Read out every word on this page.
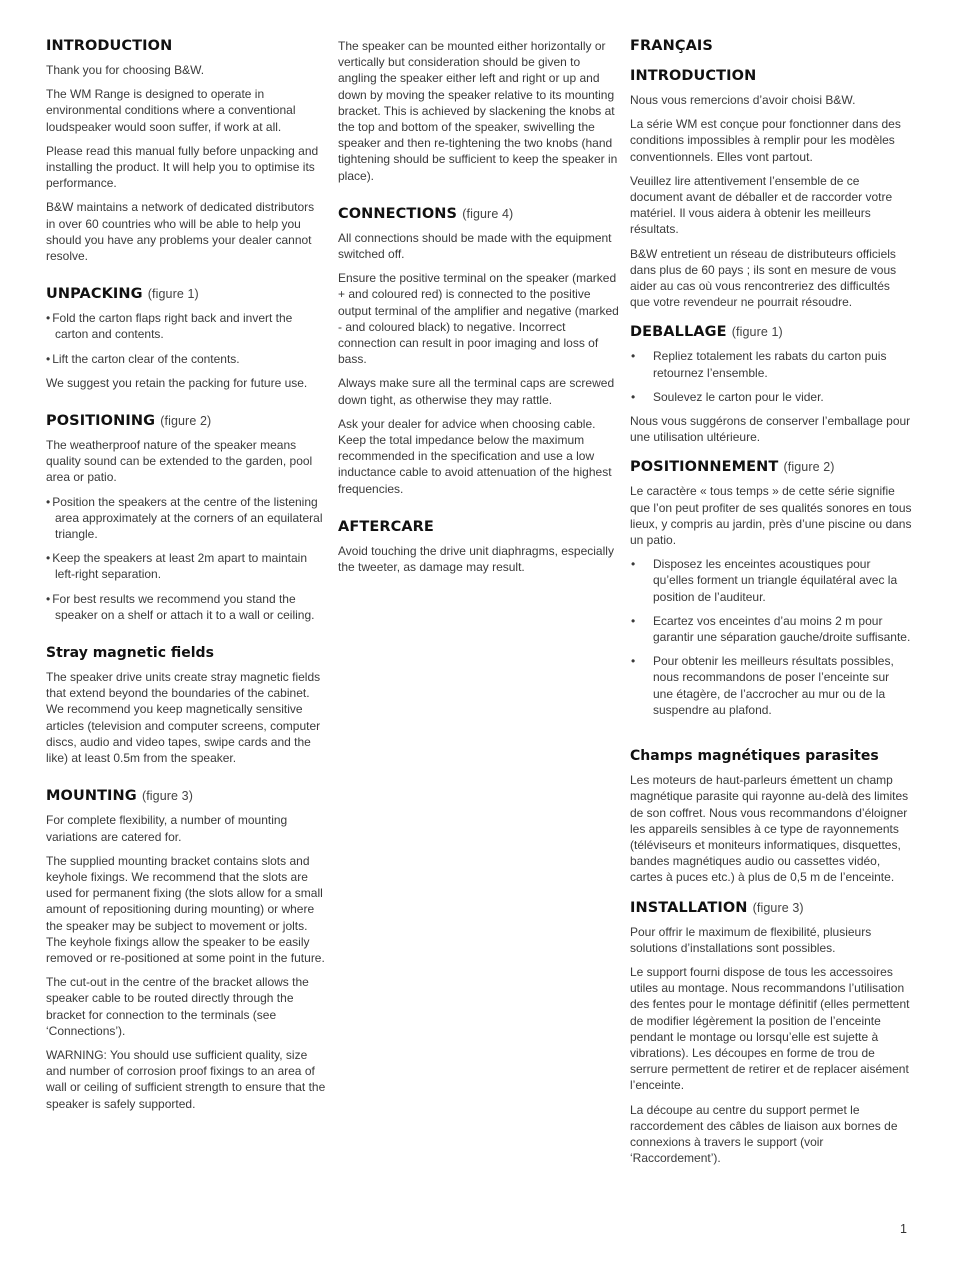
INTRODUCTION

Thank you for choosing B&W.

The WM Range is designed to operate in environmental conditions where a conventional loudspeaker would soon suffer, if work at all.

Please read this manual fully before unpacking and installing the product. It will help you to optimise its performance.

B&W maintains a network of dedicated distributors in over 60 countries who will be able to help you should you have any problems your dealer cannot resolve.

UNPACKING (figure 1)
• Fold the carton flaps right back and invert the carton and contents.
• Lift the carton clear of the contents.

We suggest you retain the packing for future use.

POSITIONING (figure 2)

The weatherproof nature of the speaker means quality sound can be extended to the garden, pool area or patio.

• Position the speakers at the centre of the listening area approximately at the corners of an equilateral triangle.
• Keep the speakers at least 2m apart to maintain left-right separation.
• For best results we recommend you stand the speaker on a shelf or attach it to a wall or ceiling.
Stray magnetic fields

The speaker drive units create stray magnetic fields that extend beyond the boundaries of the cabinet. We recommend you keep magnetically sensitive articles (television and computer screens, computer discs, audio and video tapes, swipe cards and the like) at least 0.5m from the speaker.

MOUNTING (figure 3)

For complete flexibility, a number of mounting variations are catered for.

The supplied mounting bracket contains slots and keyhole fixings. We recommend that the slots are used for permanent fixing (the slots allow for a small amount of repositioning during mounting) or where the speaker may be subject to movement or jolts. The keyhole fixings allow the speaker to be easily removed or re-positioned at some point in the future.

The cut-out in the centre of the bracket allows the speaker cable to be routed directly through the bracket for connection to the terminals (see ‘Connections’).

WARNING: You should use sufficient quality, size and number of corrosion proof fixings to an area of wall or ceiling of sufficient strength to ensure that the speaker is safely supported.

The speaker can be mounted either horizontally or vertically but consideration should be given to angling the speaker either left and right or up and down by moving the speaker relative to its mounting bracket. This is achieved by slackening the knobs at the top and bottom of the speaker, swivelling the speaker and then re-tightening the two knobs (hand tightening should be sufficient to keep the speaker in place).

CONNECTIONS (figure 4)

All connections should be made with the equipment switched off.

Ensure the positive terminal on the speaker (marked + and coloured red) is connected to the positive output terminal of the amplifier and negative (marked - and coloured black) to negative. Incorrect connection can result in poor imaging and loss of bass.

Always make sure all the terminal caps are screwed down tight, as otherwise they may rattle.

Ask your dealer for advice when choosing cable. Keep the total impedance below the maximum recommended in the specification and use a low inductance cable to avoid attenuation of the highest frequencies.

AFTERCARE

Avoid touching the drive unit diaphragms, especially the tweeter, as damage may result.

FRANÇAIS
INTRODUCTION

Nous vous remercions d’avoir choisi B&W.

La série WM est conçue pour fonctionner dans des conditions impossibles à remplir pour les modèles conventionnels. Elles vont partout.

Veuillez lire attentivement l’ensemble de ce document avant de déballer et de raccorder votre matériel. Il vous aidera à obtenir les meilleurs résultats.

B&W entretient un réseau de distributeurs officiels dans plus de 60 pays ; ils sont en mesure de vous aider au cas où vous rencontreriez des difficultés que votre revendeur ne pourrait résoudre.

DEBALLAGE (figure 1)
• Repliez totalement les rabats du carton puis retournez l’ensemble.
• Soulevez le carton pour le vider.

Nous vous suggérons de conserver l’emballage pour une utilisation ultérieure.

POSITIONNEMENT (figure 2)

Le caractère « tous temps » de cette série signifie que l’on peut profiter de ses qualités sonores en tous lieux, y compris au jardin, près d’une piscine ou dans un patio.

• Disposez les enceintes acoustiques pour qu’elles forment un triangle équilatéral avec la position de l’auditeur.
• Ecartez vos enceintes d’au moins 2 m pour garantir une séparation gauche/droite suffisante.
• Pour obtenir les meilleurs résultats possibles, nous recommandons de poser l’enceinte sur une étagère, de l’accrocher au mur ou de la suspendre au plafond.
Champs magnétiques parasites

Les moteurs de haut-parleurs émettent un champ magnétique parasite qui rayonne au-delà des limites de son coffret. Nous vous recommandons d’éloigner les appareils sensibles à ce type de rayonnements (téléviseurs et moniteurs informatiques, disquettes, bandes magnétiques audio ou cassettes vidéo, cartes à puces etc.) à plus de 0,5 m de l’enceinte.

INSTALLATION (figure 3)

Pour offrir le maximum de flexibilité, plusieurs solutions d’installations sont possibles.

Le support fourni dispose de tous les accessoires utiles au montage. Nous recommandons l’utilisation des fentes pour le montage définitif (elles permettent de modifier légèrement la position de l’enceinte pendant le montage ou lorsqu’elle est sujette à vibrations). Les découpes en forme de trou de serrure permettent de retirer et de replacer aisément l’enceinte.

La découpe au centre du support permet le raccordement des câbles de liaison aux bornes de connexions à travers le support (voir ‘Raccordement’).

1
